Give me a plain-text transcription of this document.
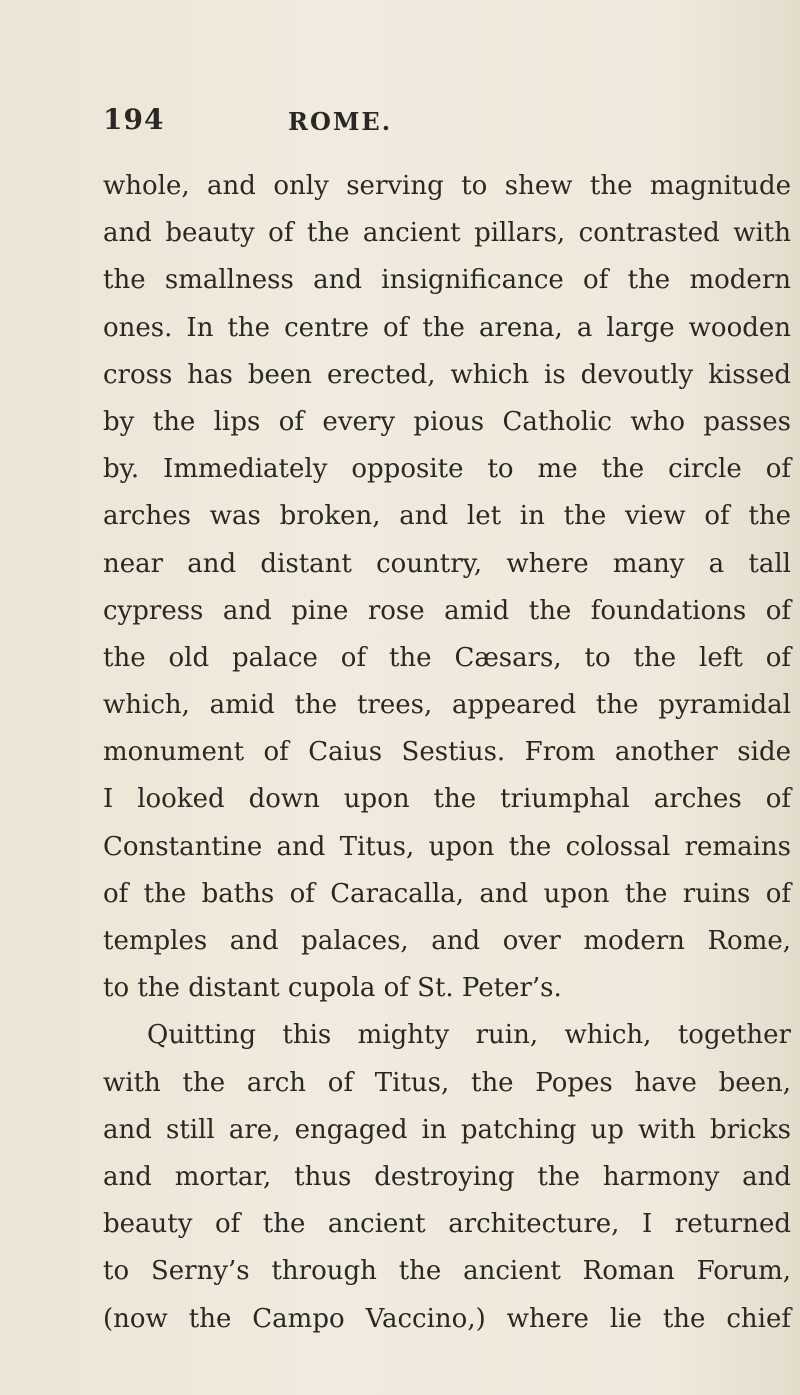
194	ROME.
whole, and only serving to shew the magnitude
and beauty of the ancient pillars, contrasted with
the smallness and insignificance of the modern
ones. In the centre of the arena, a large wooden
cross has been erected, which is devoutly kissed
by the lips of every pious Catholic who passes
by. Immediately opposite to me the circle of
arches was broken, and let in the view of the
near and distant country, where many a tall
cypress and pine rose amid the foundations of
the old palace of the Cæsars, to the left of
which, amid the trees, appeared the pyramidal
monument of Caius Sestius. From another side
I looked down upon the triumphal arches of
Constantine and Titus, upon the colossal remains
of the baths of Caracalla, and upon the ruins of
temples and palaces, and over modern Rome,
to the distant cupola of St. Peter’s.
Quitting this mighty ruin, which, together
with the arch of Titus, the Popes have been,
and still are, engaged in patching up with bricks
and mortar, thus destroying the harmony and
beauty of the ancient architecture, I returned
to Serny’s through the ancient Roman Forum,
(now the Campo Vaccino,) where lie the chief
